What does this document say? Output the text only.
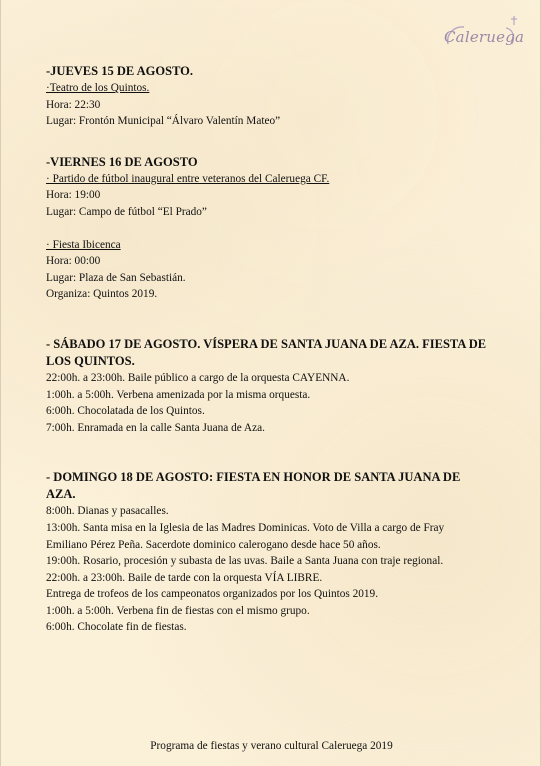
Caleruega

-JUEVES 15 DE AGOSTO.

·Teatro de los Quintos.

Hora: 22:30

Lugar: Frontón Municipal “Álvaro Valentín Mateo”

-VIERNES 16 DE AGOSTO

· Partido de fútbol inaugural entre veteranos del Caleruega CF.

Hora: 19:00

Lugar: Campo de fútbol “El Prado”

· Fiesta Ibicenca

Hora: 00:00

Lugar: Plaza de San Sebastián.

Organiza: Quintos 2019.

- SÁBADO 17 DE AGOSTO. VÍSPERA DE SANTA JUANA DE AZA. FIESTA DE

LOS QUINTOS.

22:00h. a 23:00h. Baile público a cargo de la orquesta CAYENNA.

1:00h. a 5:00h. Verbena amenizada por la misma orquesta.

6:00h. Chocolatada de los Quintos.

7:00h. Enramada en la calle Santa Juana de Aza.

- DOMINGO 18 DE AGOSTO: FIESTA EN HONOR DE SANTA JUANA DE

AZA.

8:00h. Dianas y pasacalles.

13:00h. Santa misa en la Iglesia de las Madres Dominicas. Voto de Villa a cargo de Fray

Emiliano Pérez Peña. Sacerdote dominico calerogano desde hace 50 años.

19:00h. Rosario, procesión y subasta de las uvas. Baile a Santa Juana con traje regional.

22:00h. a 23:00h. Baile de tarde con la orquesta VÍA LIBRE.

Entrega de trofeos de los campeonatos organizados por los Quintos 2019.

1:00h. a 5:00h. Verbena fin de fiestas con el mismo grupo.

6:00h. Chocolate fin de fiestas.

Programa de fiestas y verano cultural Caleruega 2019
